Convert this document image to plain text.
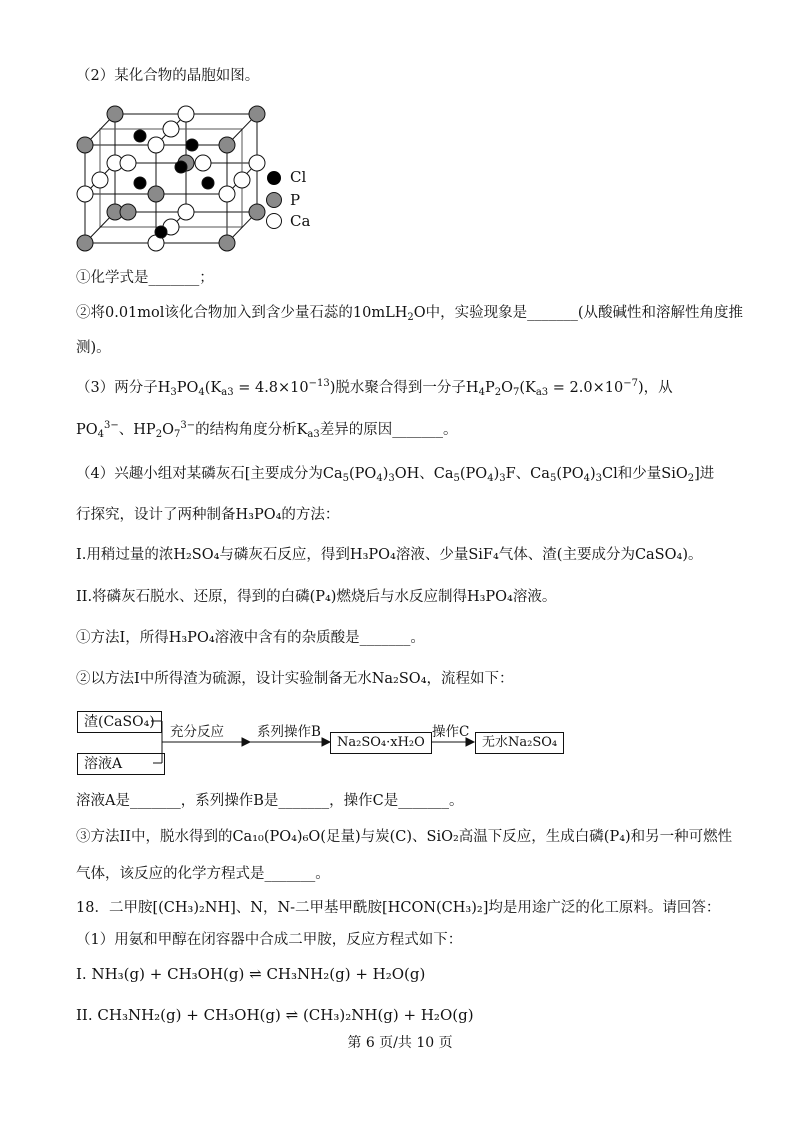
（2）某化合物的晶胞如图。
Cl
P
Ca
①化学式是_______；
②将0.01mol该化合物加入到含少量石蕊的10mLH$_2$O中，实验现象是_______(从酸碱性和溶解性角度推
测)。
（3）两分子$H_3PO_4(K_{a3} = 4.8\times 10^{-13})$脱水聚合得到一分子$H_4P_2O_7(K_{a3} = 2.0\times 10^{-7})$，从
$PO_4^{3-}$、$HP_2O_7^{3-}$的结构角度分析$K_{a3}$差异的原因_______。
（4）兴趣小组对某磷灰石[主要成分为$Ca_5(PO_4)_3OH$、$Ca_5(PO_4)_3F$、$Ca_5(PO_4)_3Cl$和少量SiO$_2$]进
行探究，设计了两种制备H₃PO₄的方法：
I.用稍过量的浓H₂SO₄与磷灰石反应，得到H₃PO₄溶液、少量SiF₄气体、渣(主要成分为CaSO₄)。
II.将磷灰石脱水、还原，得到的白磷(P₄)燃烧后与水反应制得H₃PO₄溶液。
①方法I，所得H₃PO₄溶液中含有的杂质酸是_______。
②以方法I中所得渣为硫源，设计实验制备无水Na₂SO₄，流程如下：
渣(CaSO₄)
溶液A
充分反应 系列操作B
Na₂SO₄·xH₂O
操作C
无水Na₂SO₄
溶液A是_______，系列操作B是_______，操作C是_______。
③方法II中，脱水得到的Ca₁₀(PO₄)₆O(足量)与炭(C)、SiO₂高温下反应，生成白磷(P₄)和另一种可燃性
气体，该反应的化学方程式是_______。
18．二甲胺[(CH₃)₂NH]、N，N-二甲基甲酰胺[HCON(CH₃)₂]均是用途广泛的化工原料。请回答：
（1）用氨和甲醇在闭容器中合成二甲胺，反应方程式如下：
I. NH₃(g) + CH₃OH(g) ⇌ CH₃NH₂(g) + H₂O(g)
II. CH₃NH₂(g) + CH₃OH(g) ⇌ (CH₃)₂NH(g) + H₂O(g)
第 6 页/共 10 页
